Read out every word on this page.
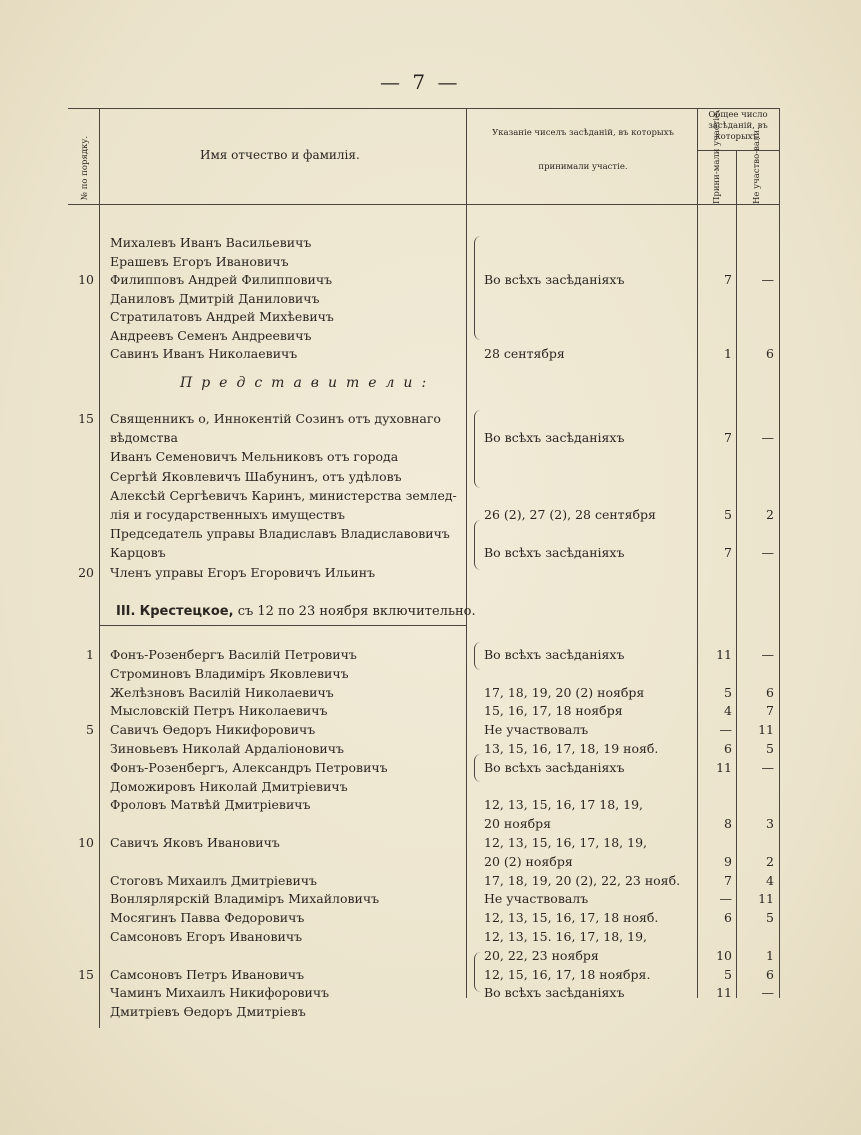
— 7 —
№ по порядку.	Имя отчество и фамилія.
Указаніе чиселъ засѣданій, въ которыхъ
принимали участіе.
Общее число засѣданій, въ которыхъ.
Прини-мали участіе.	Не участво-вали.
Михалевъ Иванъ Васильевичъ
Ерашевъ Егоръ Ивановичъ
10 Филипповъ Андрей Филипповичъ	Во всѣхъ засѣданіяхъ	7	—
Даниловъ Дмитрій Даниловичъ
Стратилатовъ Андрей Михѣевичъ
Андреевъ Семенъ Андреевичъ
Савинъ Иванъ Николаевичъ	28 сентября	1	6
Представители:
15 Священникъ о, Иннокентій Созинъ отъ духовнаго
вѣдомства	Во всѣхъ засѣданіяхъ	7	—
Иванъ Семеновичъ Мельниковъ отъ города
Сергѣй Яковлевичъ Шабунинъ, отъ удѣловъ
Алексѣй Сергѣевичъ Каринъ, министерства землед-
лія и государственныхъ имуществъ	26 (2), 27 (2), 28 сентября	5	2
Председатель управы Владиславъ Владиславовичъ
Карцовъ	Во всѣхъ засѣданіяхъ	7	—
20 Членъ управы Егоръ Егоровичъ Ильинъ
III. Крестецкое, съ 12 по 23 ноября включительно.
1 Фонъ-Розенбергъ Василій Петровичъ	Во всѣхъ засѣданіяхъ	11	—
Строминовъ Владиміръ Яковлевичъ
Желѣзновъ Василій Николаевичъ	17, 18, 19, 20 (2) ноября	5	6
Мысловскій Петръ Николаевичъ	15, 16, 17, 18 ноября	4	7
5 Савичъ Ѳедоръ Никифоровичъ	Не участвовалъ	—	11
Зиновьевъ Николай Ардаліоновичъ	13, 15, 16, 17, 18, 19 нояб.	6	5
Фонъ-Розенбергъ, Александръ Петровичъ	Во всѣхъ засѣданіяхъ	11	—
Доможировъ Николай Дмитріевичъ
Фроловъ Матвѣй Дмитріевичъ	12, 13, 15, 16, 17 18, 19,
20 ноября	8	3
10 Савичъ Яковъ Ивановичъ	12, 13, 15, 16, 17, 18, 19,
20 (2) ноября	9	2
Стоговъ Михаилъ Дмитріевичъ	17, 18, 19, 20 (2), 22, 23 нояб.	7	4
Вонлярлярскій Владиміръ Михайловичъ	Не участвовалъ	—	11
Мосягинъ Павва Федоровичъ	12, 13, 15, 16, 17, 18 нояб.	6	5
Самсоновъ Егоръ Ивановичъ	12, 13, 15. 16, 17, 18, 19,
20, 22, 23 ноября	10	1
15 Самсоновъ Петръ Ивановичъ	12, 15, 16, 17, 18 ноября.	5	6
Чаминъ Михаилъ Никифоровичъ	Во всѣхъ засѣданіяхъ	11	—
Дмитріевъ Ѳедоръ Дмитріевъ
